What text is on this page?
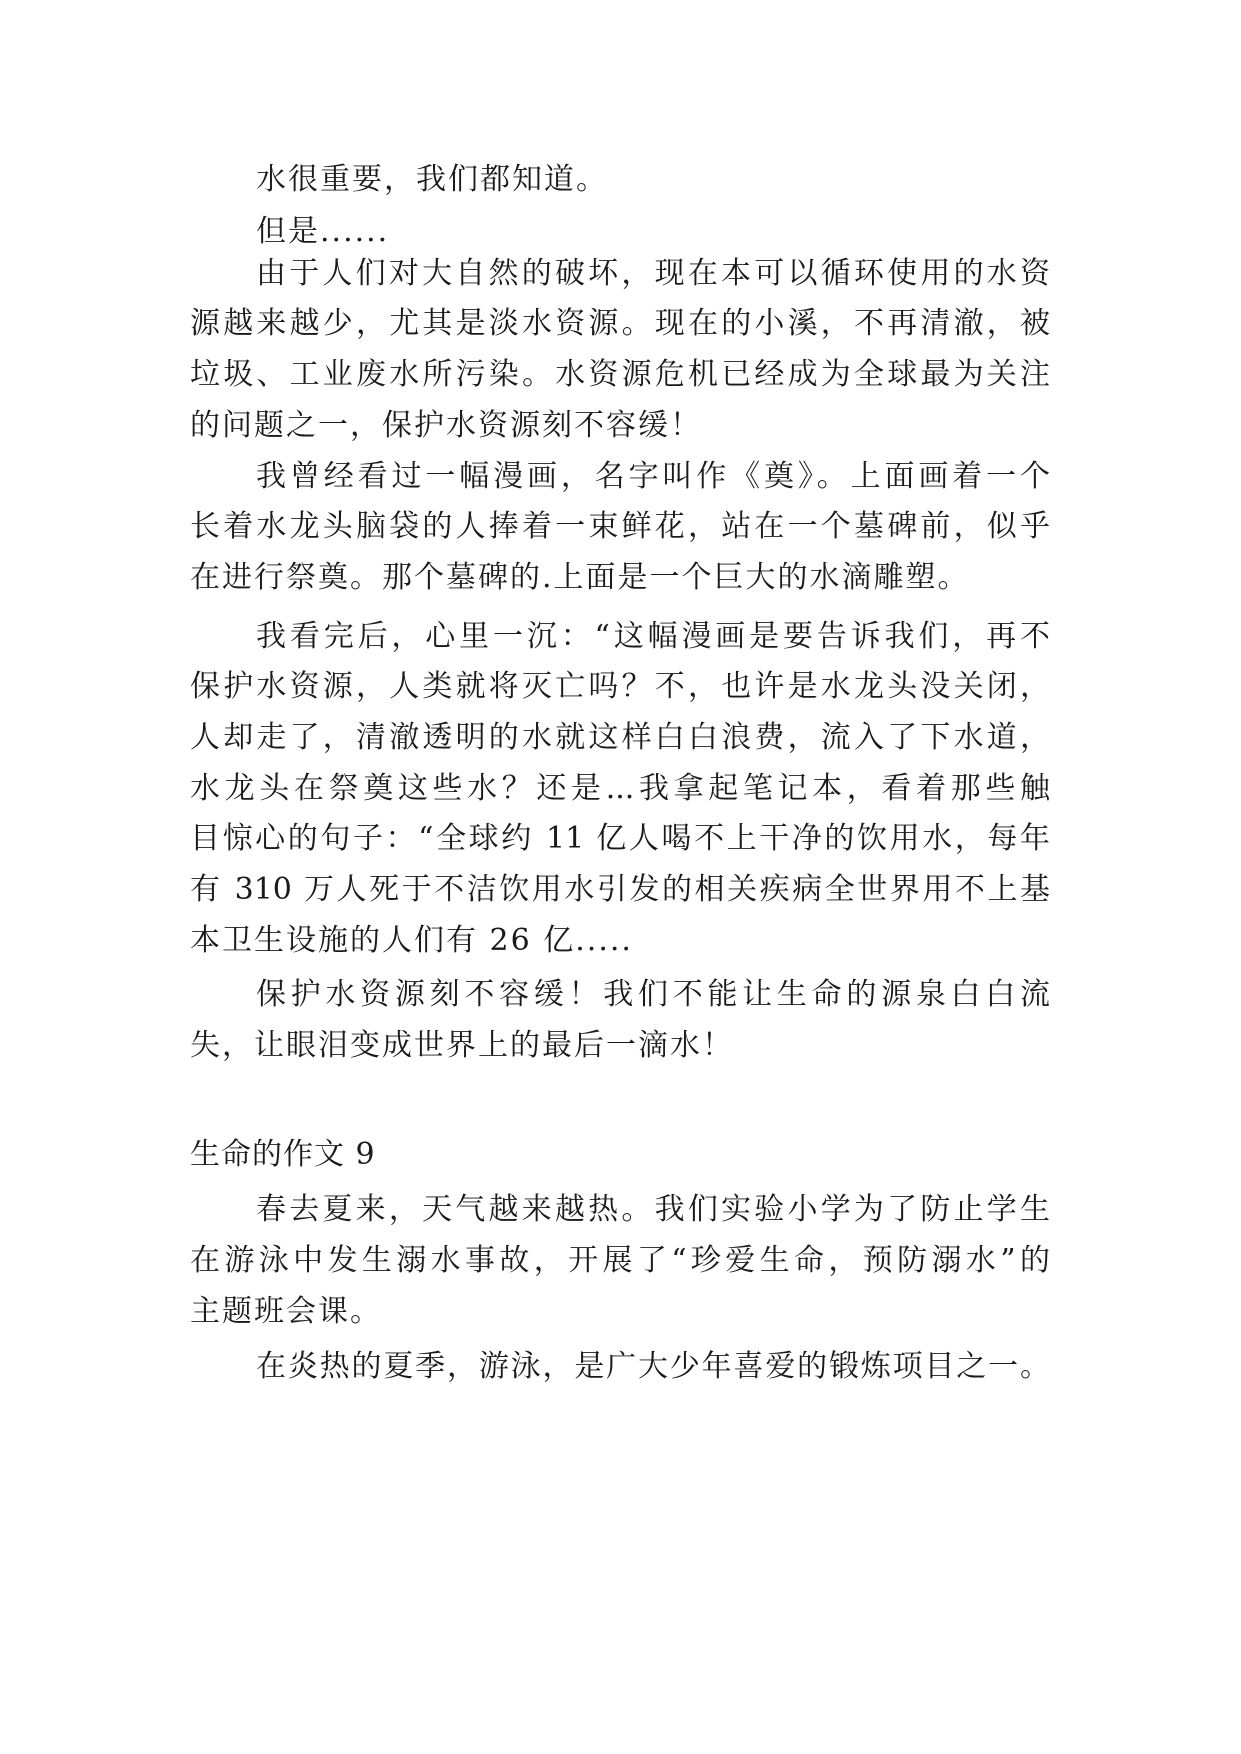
水很重要，我们都知道。
但是......
由于人们对大自然的破坏，现在本可以循环使用的水资
源越来越少，尤其是淡水资源。现在的小溪，不再清澈，被
垃圾、工业废水所污染。水资源危机已经成为全球最为关注
的问题之一，保护水资源刻不容缓！
我曾经看过一幅漫画，名字叫作《奠》。上面画着一个
长着水龙头脑袋的人捧着一束鲜花，站在一个墓碑前，似乎
在进行祭奠。那个墓碑的.上面是一个巨大的水滴雕塑。
我看完后，心里一沉：“这幅漫画是要告诉我们，再不
保护水资源，人类就将灭亡吗？不，也许是水龙头没关闭，
人却走了，清澈透明的水就这样白白浪费，流入了下水道，
水龙头在祭奠这些水？还是...我拿起笔记本，看着那些触
目惊心的句子：“全球约 11 亿人喝不上干净的饮用水，每年
有 310 万人死于不洁饮用水引发的相关疾病全世界用不上基
本卫生设施的人们有 26 亿.....
保护水资源刻不容缓！我们不能让生命的源泉白白流
失，让眼泪变成世界上的最后一滴水！
生命的作文 9
春去夏来，天气越来越热。我们实验小学为了防止学生
在游泳中发生溺水事故，开展了“珍爱生命，预防溺水”的
主题班会课。
在炎热的夏季，游泳，是广大少年喜爱的锻炼项目之一。
